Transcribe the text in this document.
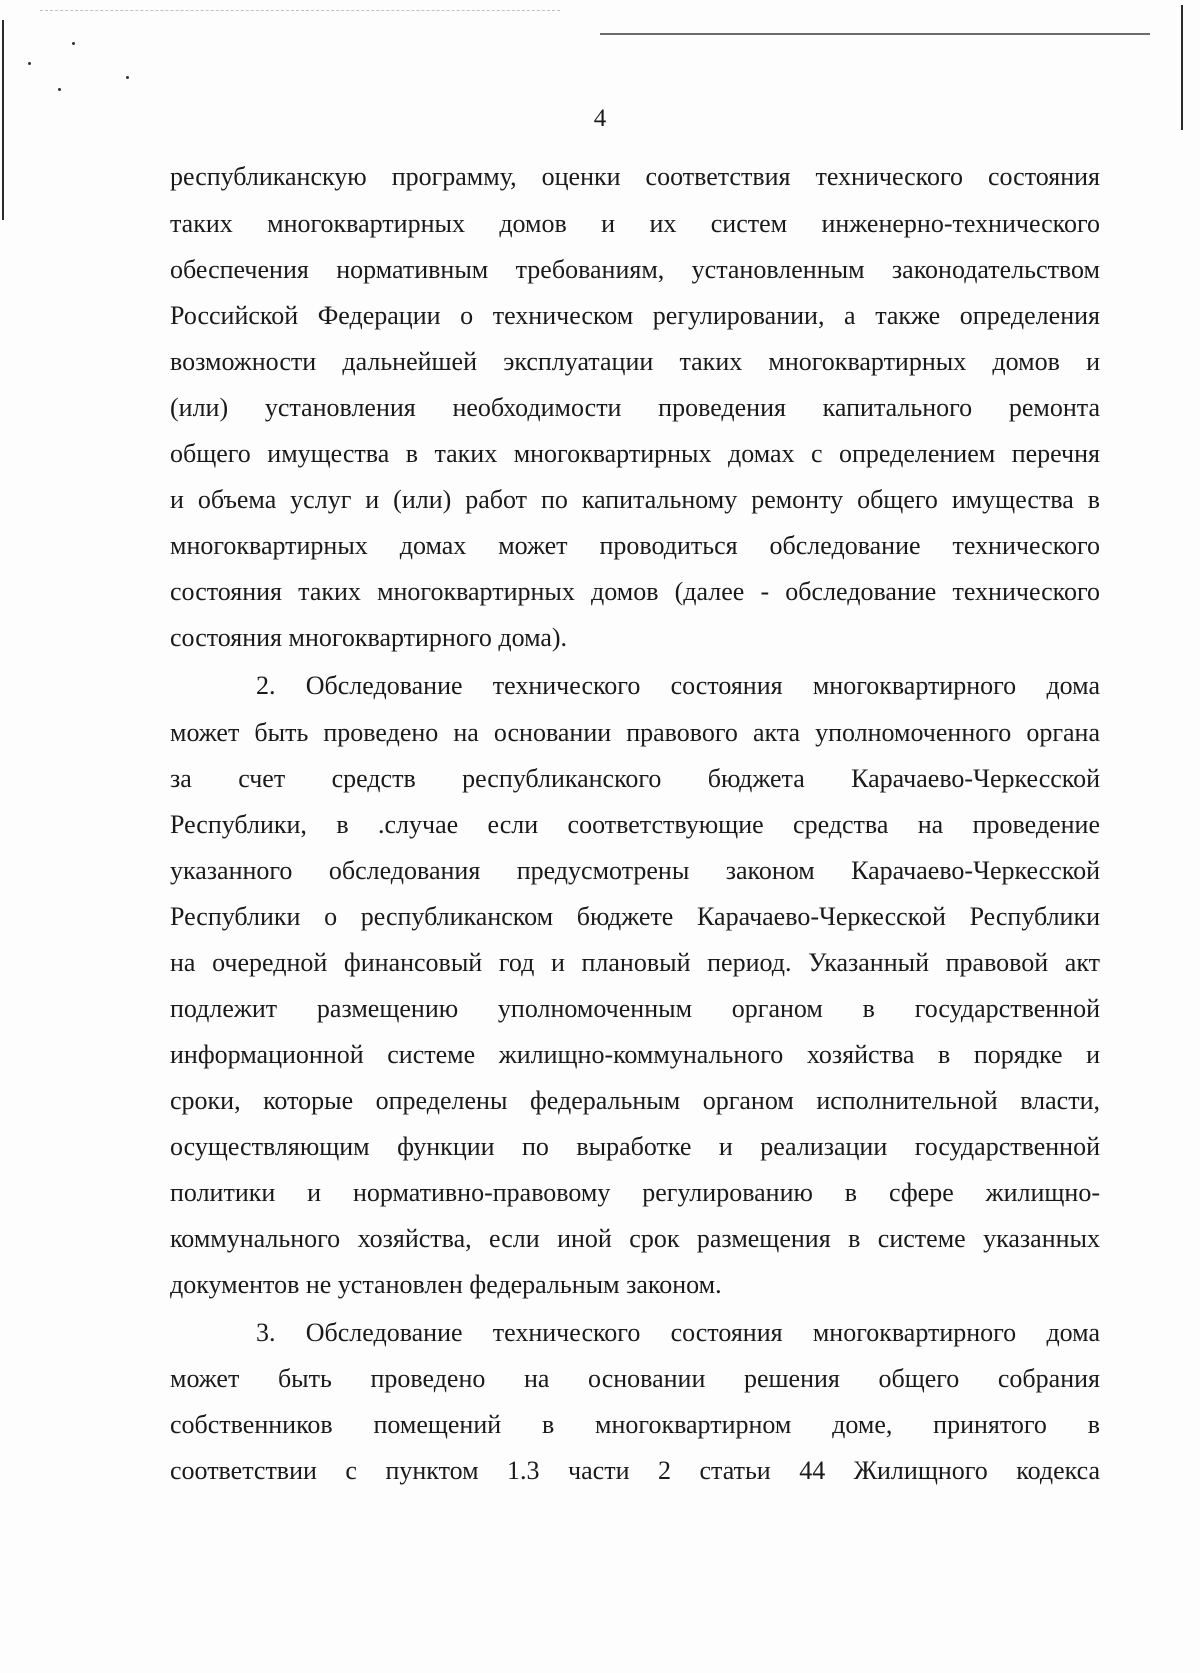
4
республиканскую программу, оценки соответствия технического состояния
таких многоквартирных домов и их систем инженерно-технического
обеспечения нормативным требованиям, установленным законодательством
Российской Федерации о техническом регулировании, а также определения
возможности дальнейшей эксплуатации таких многоквартирных домов и
(или) установления необходимости проведения капитального ремонта
общего имущества в таких многоквартирных домах с определением перечня
и объема услуг и (или) работ по капитальному ремонту общего имущества в
многоквартирных домах может проводиться обследование технического
состояния таких многоквартирных домов (далее - обследование технического
состояния многоквартирного дома).
2. Обследование технического состояния многоквартирного дома
может быть проведено на основании правового акта уполномоченного органа
за счет средств республиканского бюджета Карачаево-Черкесской
Республики, в .случае если соответствующие средства на проведение
указанного обследования предусмотрены законом Карачаево-Черкесской
Республики о республиканском бюджете Карачаево-Черкесской Республики
на очередной финансовый год и плановый период. Указанный правовой акт
подлежит размещению уполномоченным органом в государственной
информационной системе жилищно-коммунального хозяйства в порядке и
сроки, которые определены федеральным органом исполнительной власти,
осуществляющим функции по выработке и реализации государственной
политики и нормативно-правовому регулированию в сфере жилищно-
коммунального хозяйства, если иной срок размещения в системе указанных
документов не установлен федеральным законом.
3. Обследование технического состояния многоквартирного дома
может быть проведено на основании решения общего собрания
собственников помещений в многоквартирном доме, принятого в
соответствии с пунктом 1.3 части 2 статьи 44 Жилищного кодекса
